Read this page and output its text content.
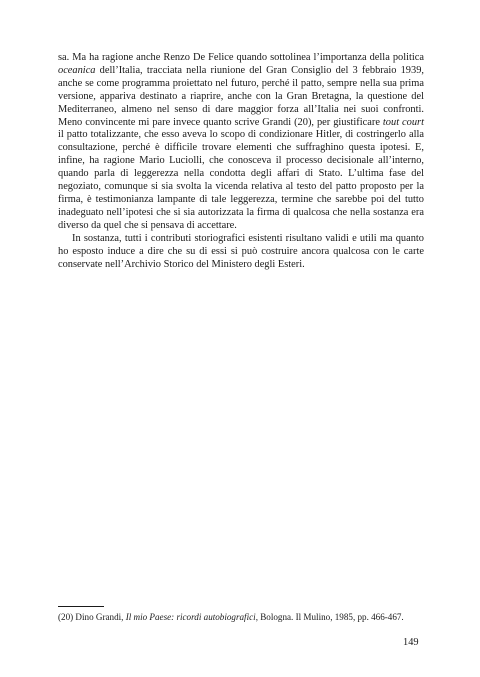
sa. Ma ha ragione anche Renzo De Felice quando sottolinea l’importanza della politica oceanica dell’Italia, tracciata nella riunione del Gran Consiglio del 3 febbraio 1939, anche se come programma proiettato nel futuro, perché il patto, sempre nella sua prima versione, appariva destinato a riaprire, anche con la Gran Bretagna, la questione del Mediterraneo, almeno nel senso di dare maggior forza all’Italia nei suoi confronti. Meno convincente mi pare invece quanto scrive Grandi (20), per giustificare tout court il patto totalizzante, che esso aveva lo scopo di condizionare Hitler, di costringerlo alla consultazione, perché è difficile trovare elementi che suffraghino questa ipotesi. E, infine, ha ragione Mario Luciolli, che conosceva il processo decisionale all’interno, quando parla di leggerezza nella condotta degli affari di Stato. L’ultima fase del negoziato, comunque si sia svolta la vicenda relativa al testo del patto proposto per la firma, è testimonianza lampante di tale leggerezza, termine che sarebbe poi del tutto inadeguato nell’ipotesi che si sia autorizzata la firma di qualcosa che nella sostanza era diverso da quel che si pensava di accettare.

In sostanza, tutti i contributi storiografici esistenti risultano validi e utili ma quanto ho esposto induce a dire che su di essi si può costruire ancora qualcosa con le carte conservate nell’Archivio Storico del Ministero degli Esteri.

(20) Dino Grandi, Il mio Paese: ricordi autobiografici, Bologna. Il Mulino, 1985, pp. 466-467.

149
